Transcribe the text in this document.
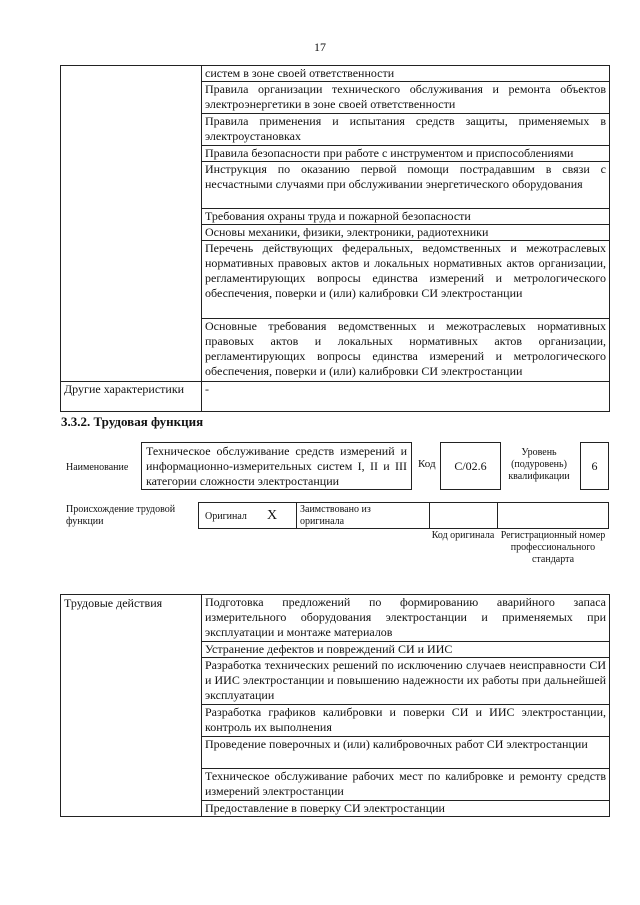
17
	систем в зоне своей ответственности
	Правила организации технического обслуживания и ремонта объектов электроэнергетики в зоне своей ответственности
	Правила применения и испытания средств защиты, применяемых в электроустановках
	Правила безопасности при работе с инструментом и приспособлениями
	Инструкция по оказанию первой помощи пострадавшим в связи с несчастными случаями при обслуживании энергетического оборудования
	Требования охраны труда и пожарной безопасности
	Основы механики, физики, электроники, радиотехники
	Перечень действующих федеральных, ведомственных и межотраслевых нормативных правовых актов и локальных нормативных актов организации, регламентирующих вопросы единства измерений и метрологического обеспечения, поверки и (или) калибровки СИ электростанции
	Основные требования ведомственных и межотраслевых нормативных правовых актов и локальных нормативных актов организации, регламентирующих вопросы единства измерений и метрологического обеспечения, поверки и (или) калибровки СИ электростанции
Другие характеристики	-
3.3.2. Трудовая функция
Наименование
Техническое обслуживание средств измерений и информационно-измерительных систем I, II и III категории сложности электростанции
Код C/02.6
Уровень (подуровень) квалификации
6
Происхождение трудовой функции	Оригинал X Заимствовано из оригинала
Код оригинала Регистрационный номер профессионального стандарта
Трудовые действия	Подготовка предложений по формированию аварийного запаса измерительного оборудования электростанции и применяемых при эксплуатации и монтаже материалов
Устранение дефектов и повреждений СИ и ИИС
Разработка технических решений по исключению случаев неисправности СИ и ИИС электростанции и повышению надежности их работы при дальнейшей эксплуатации
Разработка графиков калибровки и поверки СИ и ИИС электростанции, контроль их выполнения
Проведение поверочных и (или) калибровочных работ СИ электростанции
Техническое обслуживание рабочих мест по калибровке и ремонту средств измерений электростанции
Предоставление в поверку СИ электростанции
